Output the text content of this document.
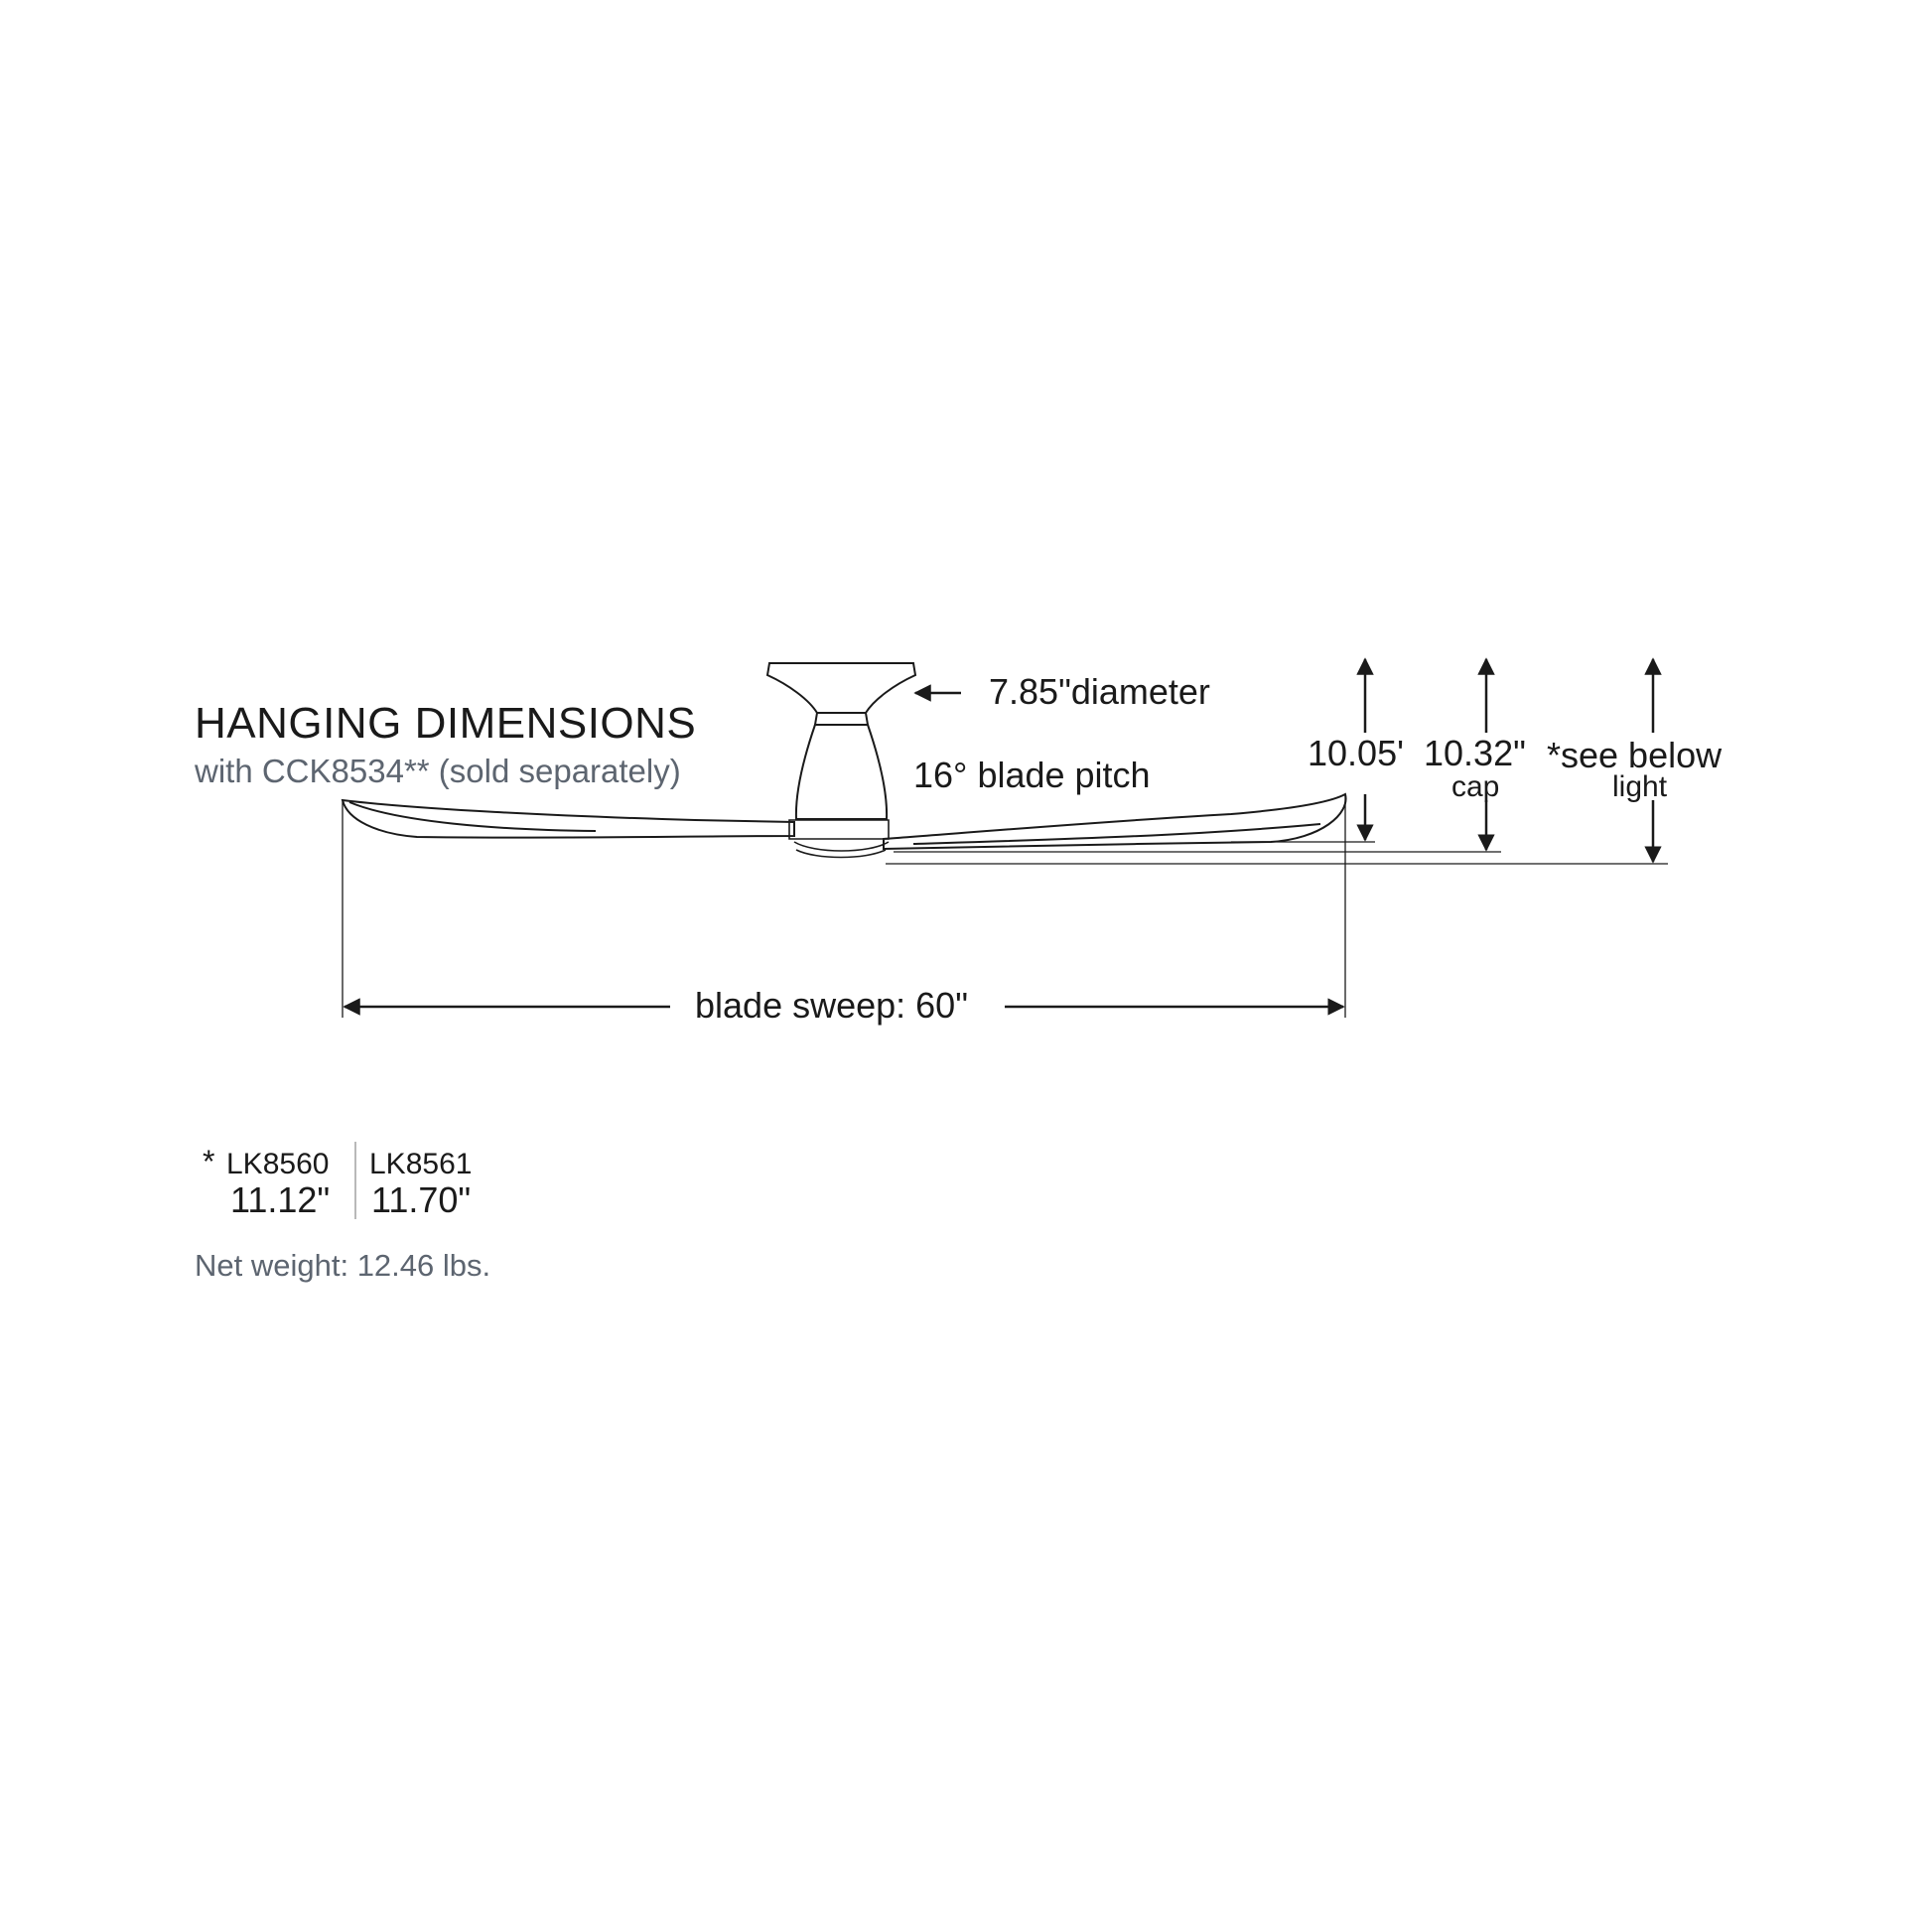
HANGING DIMENSIONS
with CCK8534** (sold separately)
7.85"diameter
16° blade pitch
10.05' 10.32"
cap
*see below
light
blade sweep: 60"
* LK8560
11.12"
LK8561
11.70"
Net weight: 12.46 lbs.
